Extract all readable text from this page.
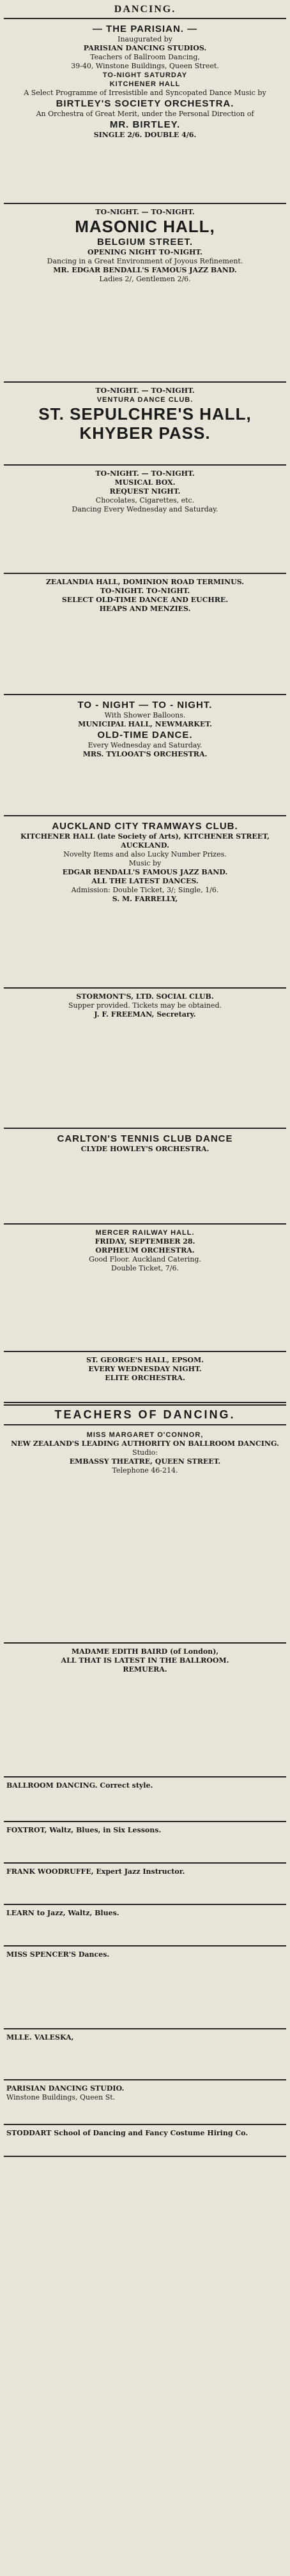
DANCING.

— THE PARISIAN. —

Inaugurated by

PARISIAN DANCING STUDIOS.

Teachers of Ballroom Dancing,

39-40, Winstone Buildings, Queen Street.

TO-NIGHT SATURDAY

KITCHENER HALL

A Select Programme of Irresistible and Syncopated Dance Music by

BIRTLEY'S SOCIETY ORCHESTRA.

An Orchestra of Great Merit, under the Personal Direction of

MR. BIRTLEY.

SINGLE 2/6. DOUBLE 4/6.

TO-NIGHT. — TO-NIGHT.

MASONIC HALL,

BELGIUM STREET.

OPENING NIGHT TO-NIGHT.

Dancing in a Great Environment of Joyous Refinement.

MR. EDGAR BENDALL'S FAMOUS JAZZ BAND.

Ladies 2/, Gentlemen 2/6.

TO-NIGHT. — TO-NIGHT.

VENTURA DANCE CLUB.

ST. SEPULCHRE'S HALL,

KHYBER PASS.

TO-NIGHT. — TO-NIGHT.

MUSICAL BOX.

REQUEST NIGHT.

Chocolates, Cigarettes, etc.

Dancing Every Wednesday and Saturday.

ZEALANDIA HALL, DOMINION ROAD TERMINUS.

TO-NIGHT. TO-NIGHT.

SELECT OLD-TIME DANCE AND EUCHRE.

HEAPS AND MENZIES.

TO - NIGHT — TO - NIGHT.

With Shower Balloons.

MUNICIPAL HALL, NEWMARKET.

OLD-TIME DANCE.

Every Wednesday and Saturday.

MRS. TYLOOAT'S ORCHESTRA.

AUCKLAND CITY TRAMWAYS CLUB.

KITCHENER HALL (late Society of Arts), KITCHENER STREET, AUCKLAND.

Novelty Items and also Lucky Number Prizes.

Music by

EDGAR BENDALL'S FAMOUS JAZZ BAND.

ALL THE LATEST DANCES.

Admission: Double Ticket, 3/; Single, 1/6.

S. M. FARRELLY,

STORMONT'S, LTD. SOCIAL CLUB.

Supper provided. Tickets may be obtained.

J. F. FREEMAN, Secretary.

CARLTON'S TENNIS CLUB DANCE

CLYDE HOWLEY'S ORCHESTRA.

MERCER RAILWAY HALL.

FRIDAY, SEPTEMBER 28.

ORPHEUM ORCHESTRA.

Good Floor. Auckland Catering.

Double Ticket, 7/6.

ST. GEORGE'S HALL, EPSOM.

EVERY WEDNESDAY NIGHT.

ELITE ORCHESTRA.

TEACHERS OF DANCING.

MISS MARGARET O'CONNOR,

NEW ZEALAND'S LEADING AUTHORITY ON BALLROOM DANCING.

Studio:

EMBASSY THEATRE, QUEEN STREET.

Telephone 46-214.

MADAME EDITH BAIRD (of London),

ALL THAT IS LATEST IN THE BALLROOM.

REMUERA.

BALLROOM DANCING. Correct style.

FOXTROT, Waltz, Blues, in Six Lessons.

FRANK WOODRUFFE, Expert Jazz Instructor.

LEARN to Jazz, Waltz, Blues.

MISS SPENCER'S Dances.

MLLE. VALESKA,

PARISIAN DANCING STUDIO.

Winstone Buildings, Queen St.

STODDART School of Dancing and Fancy Costume Hiring Co.
